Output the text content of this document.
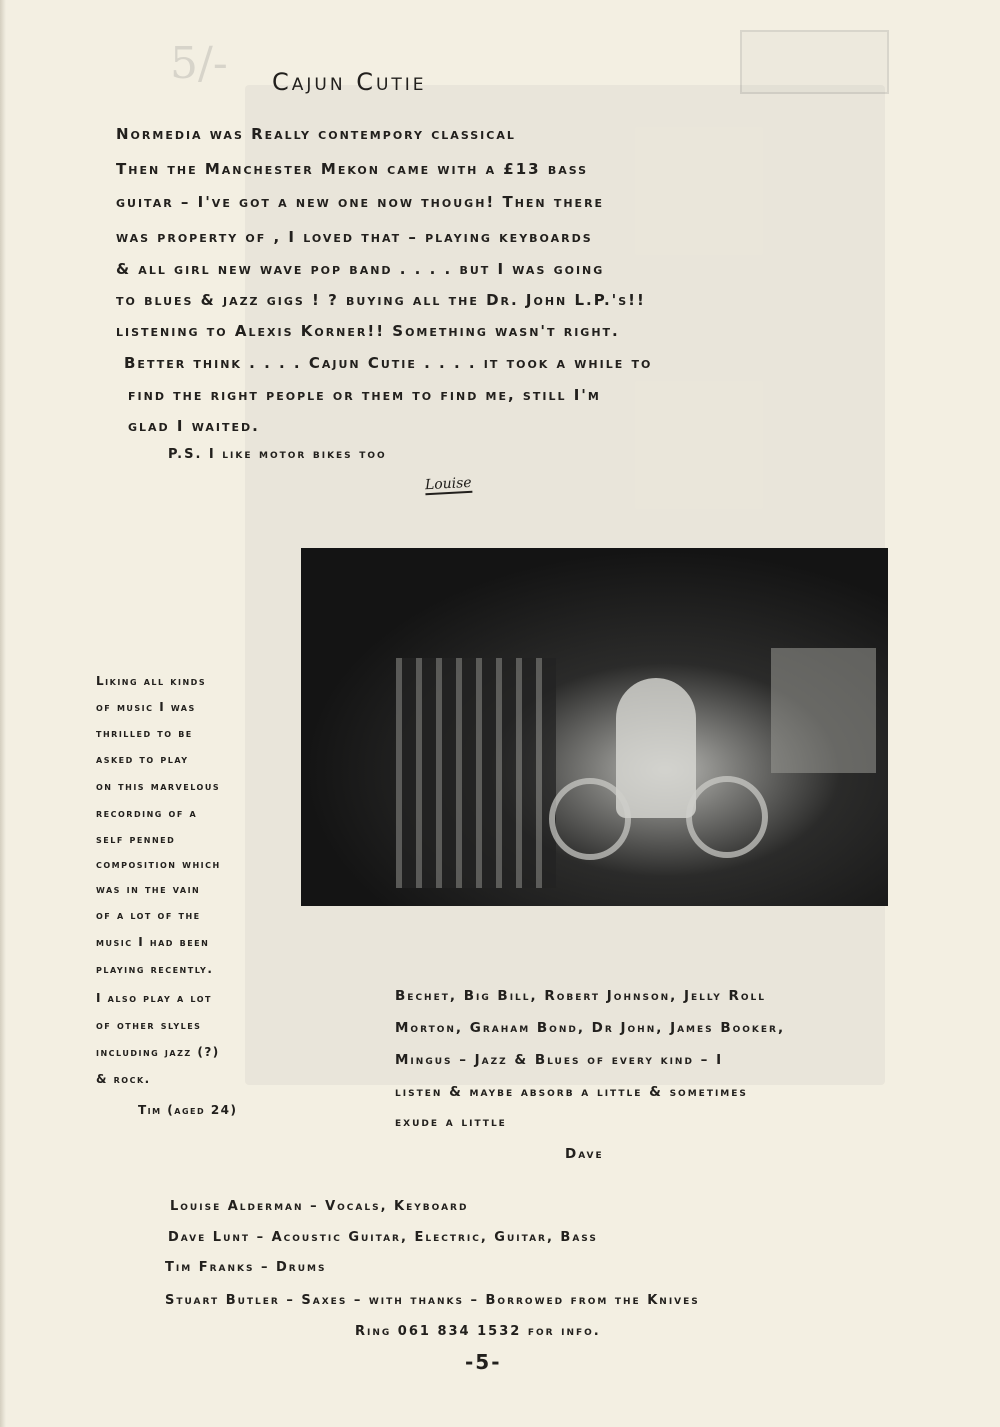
5/- Cajun Cutie
Normedia was Really contempory classical
Then the Manchester Mekon came with a £13 bass
guitar – I've got a new one now though! Then there
was property of , I loved that – playing keyboards
& all girl new wave pop band . . . . but I was going
to blues & jazz gigs ! ? buying all the Dr. John L.P.'s!!
listening to Alexis Korner!! Something wasn't right.
Better think . . . . Cajun Cutie . . . . it took a while to
find the right people or them to find me, still I'm
glad I waited.
P.S. I like motor bikes too
Louise
Liking all kinds
of music I was
thrilled to be
asked to play
on this marvelous
recording of a
self penned
composition which
was in the vain
of a lot of the
music I had been
playing recently.
I also play a lot
of other slyles
including jazz (?)
& rock.
Tim (aged 24)
Bechet, Big Bill, Robert Johnson, Jelly Roll
Morton, Graham Bond, Dr John, James Booker,
Mingus – Jazz & Blues of every kind – I
listen & maybe absorb a little & sometimes
exude a little
Dave
Louise Alderman – Vocals, Keyboard
Dave Lunt – Acoustic Guitar, Electric, Guitar, Bass
Tim Franks – Drums
Stuart Butler – Saxes – with thanks – Borrowed from the Knives
Ring 061 834 1532 for info.
-5-
